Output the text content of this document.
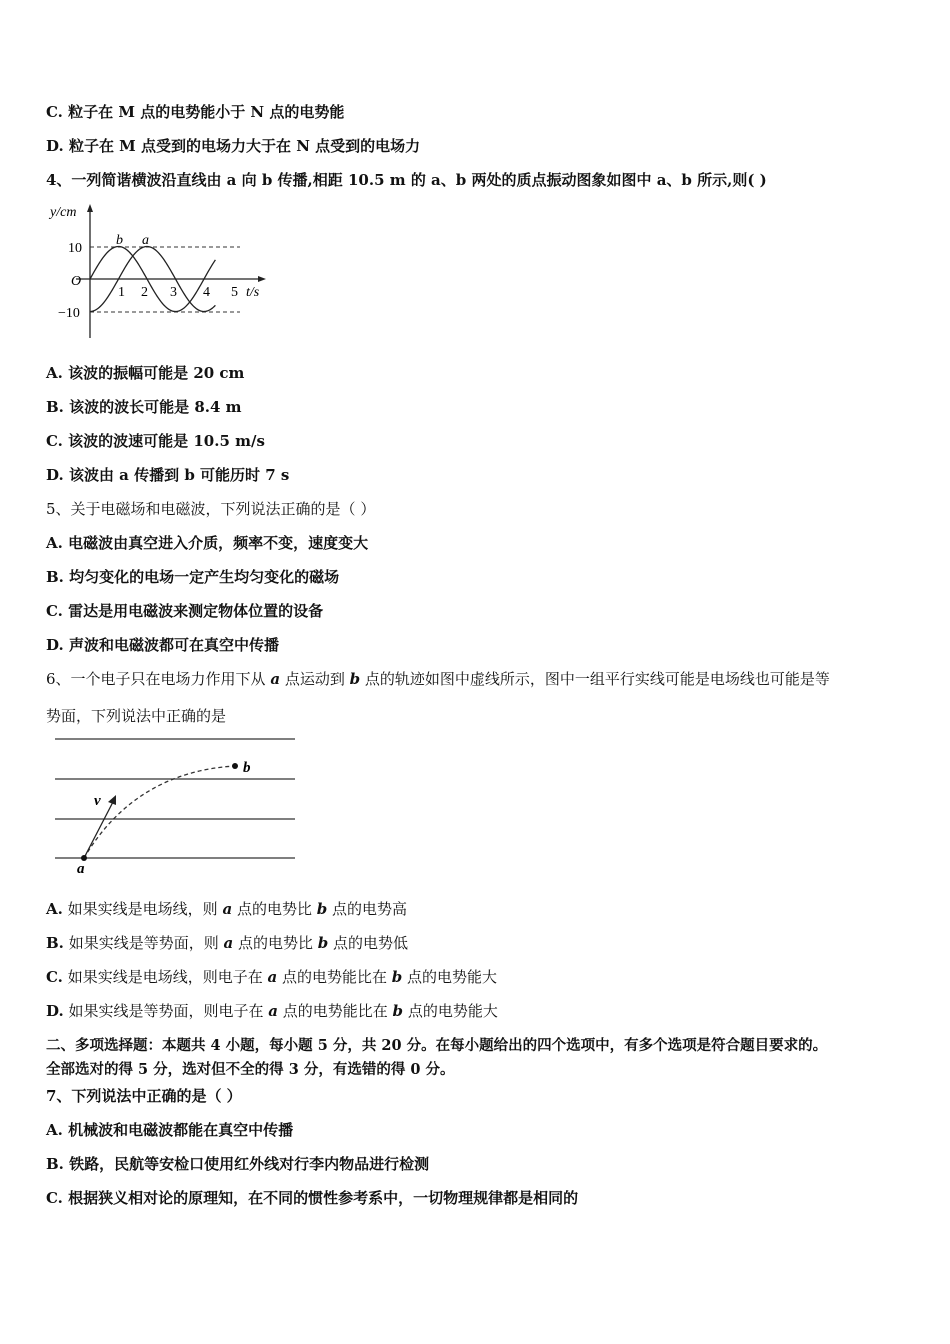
C. 粒子在 M 点的电势能小于 N 点的电势能
D. 粒子在 M 点受到的电场力大于在 N 点受到的电场力
4、一列简谐横波沿直线由 a 向 b 传播,相距 10.5 m 的 a、b 两处的质点振动图象如图中 a、b 所示,则( )
y/cm
10
O
−10
1 2 3 4 5 t/s
b a
A. 该波的振幅可能是 20 cm
B. 该波的波长可能是 8.4 m
C. 该波的波速可能是 10.5 m/s
D. 该波由 a 传播到 b 可能历时 7 s
5、关于电磁场和电磁波，下列说法正确的是（ ）
A. 电磁波由真空进入介质，频率不变，速度变大
B. 均匀变化的电场一定产生均匀变化的磁场
C. 雷达是用电磁波来测定物体位置的设备
D. 声波和电磁波都可在真空中传播
6、一个电子只在电场力作用下从 a 点运动到 b 点的轨迹如图中虚线所示，图中一组平行实线可能是电场线也可能是等
势面，下列说法中正确的是
a
b
v
A. 如果实线是电场线，则 a 点的电势比 b 点的电势高
B. 如果实线是等势面，则 a 点的电势比 b 点的电势低
C. 如果实线是电场线，则电子在 a 点的电势能比在 b 点的电势能大
D. 如果实线是等势面，则电子在 a 点的电势能比在 b 点的电势能大
二、多项选择题：本题共 4 小题，每小题 5 分，共 20 分。在每小题给出的四个选项中，有多个选项是符合题目要求的。
全部选对的得 5 分，选对但不全的得 3 分，有选错的得 0 分。
7、下列说法中正确的是（ ）
A. 机械波和电磁波都能在真空中传播
B. 铁路，民航等安检口使用红外线对行李内物品进行检测
C. 根据狭义相对论的原理知，在不同的惯性参考系中，一切物理规律都是相同的
